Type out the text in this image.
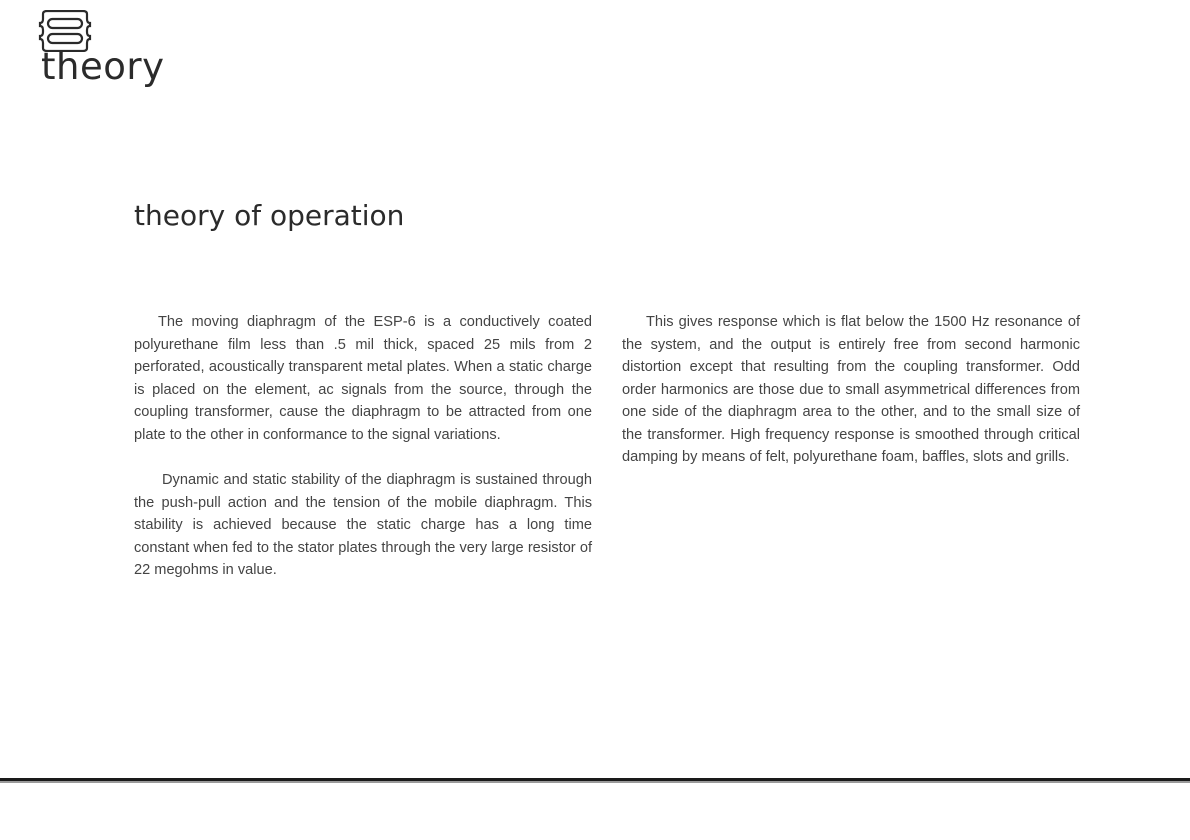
theory
theory of operation

The moving diaphragm of the ESP-6 is a conductively coated polyurethane film less than .5 mil thick, spaced 25 mils from 2 perforated, acoustically transparent metal plates. When a static charge is placed on the element, ac signals from the source, through the coupling transformer, cause the diaphragm to be attracted from one plate to the other in conformance to the signal variations.

Dynamic and static stability of the diaphragm is sustained through the push-pull action and the tension of the mobile diaphragm. This stability is achieved because the static charge has a long time constant when fed to the stator plates through the very large resistor of 22 megohms in value.

This gives response which is flat below the 1500 Hz resonance of the system, and the output is entirely free from second harmonic distortion except that resulting from the coupling transformer. Odd order harmonics are those due to small asymmetrical differences from one side of the diaphragm area to the other, and to the small size of the transformer. High frequency response is smoothed through critical damping by means of felt, polyurethane foam, baffles, slots and grills.
